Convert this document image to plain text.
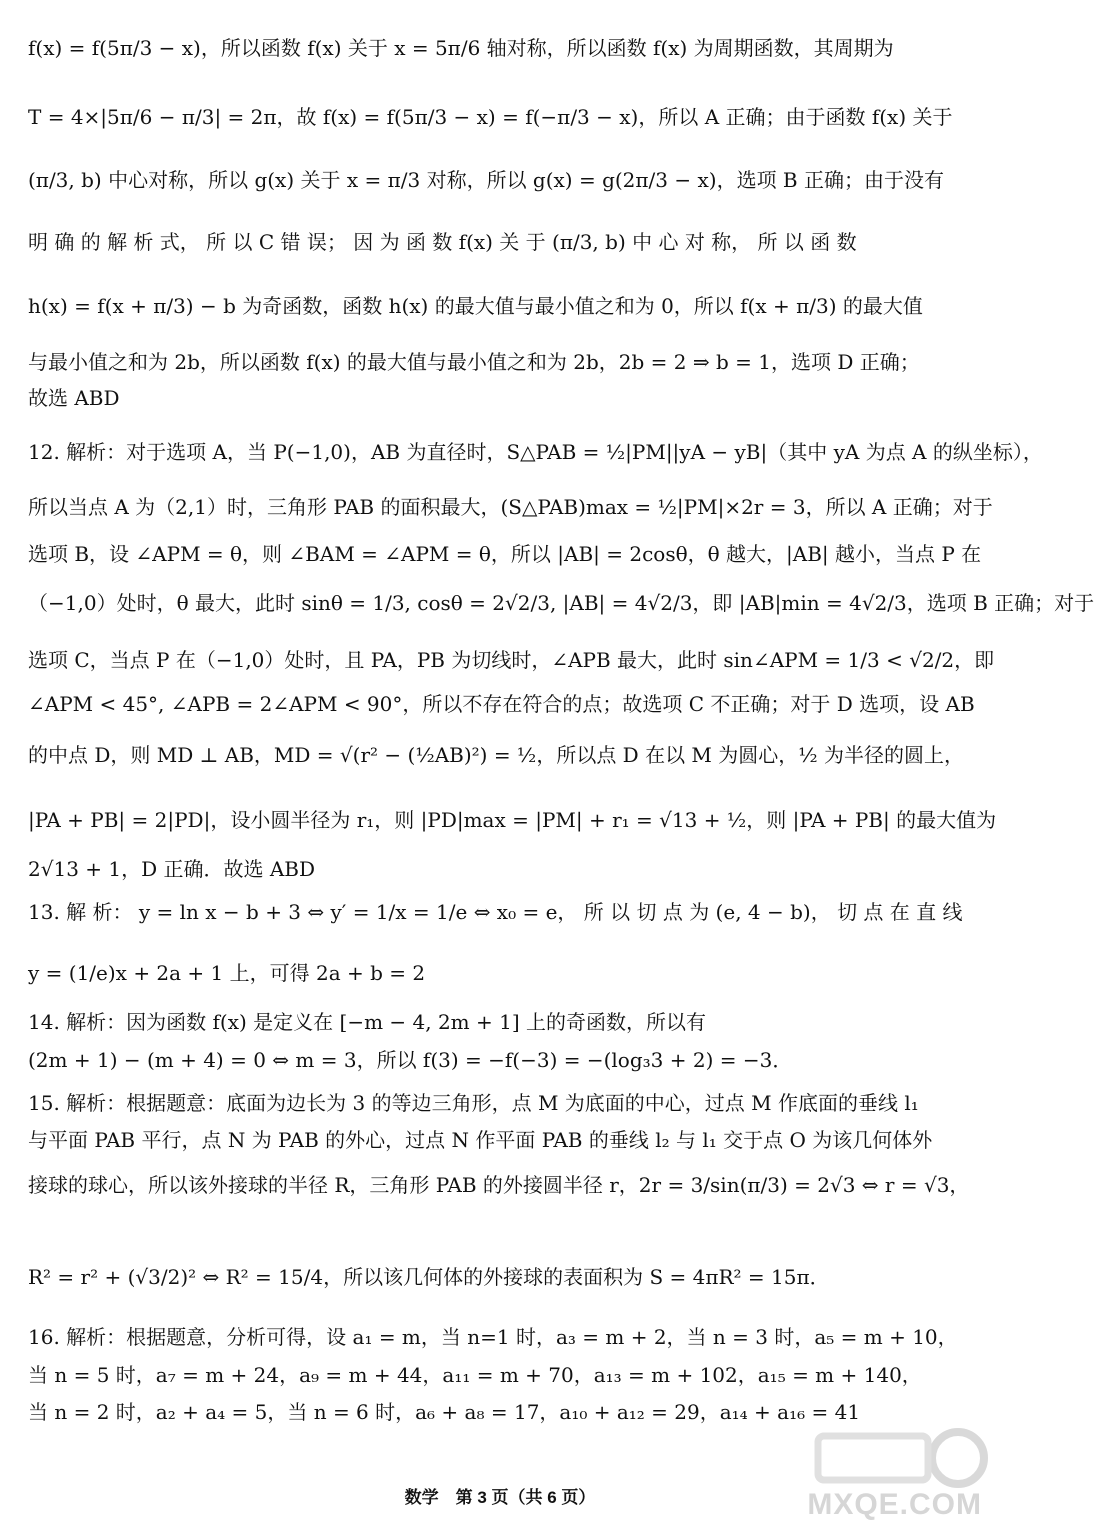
f(x) = f(5π/3 − x)，所以函数 f(x) 关于 x = 5π/6 轴对称，所以函数 f(x) 为周期函数，其周期为
T = 4×|5π/6 − π/3| = 2π，故 f(x) = f(5π/3 − x) = f(−π/3 − x)，所以 A 正确；由于函数 f(x) 关于
(π/3, b) 中心对称，所以 g(x) 关于 x = π/3 对称，所以 g(x) = g(2π/3 − x)，选项 B 正确；由于没有
明 确 的 解 析 式， 所 以 C 错 误； 因 为 函 数 f(x) 关 于 (π/3, b) 中 心 对 称， 所 以 函 数
h(x) = f(x + π/3) − b 为奇函数，函数 h(x) 的最大值与最小值之和为 0，所以 f(x + π/3) 的最大值
与最小值之和为 2b，所以函数 f(x) 的最大值与最小值之和为 2b，2b = 2 ⇒ b = 1，选项 D 正确；
故选 ABD
12. 解析：对于选项 A，当 P(−1,0)，AB 为直径时，S△PAB = ½|PM||yA − yB|（其中 yA 为点 A 的纵坐标），
所以当点 A 为（2,1）时，三角形 PAB 的面积最大，(S△PAB)max = ½|PM|×2r = 3，所以 A 正确；对于
选项 B，设 ∠APM = θ，则 ∠BAM = ∠APM = θ，所以 |AB| = 2cosθ，θ 越大，|AB| 越小，当点 P 在
（−1,0）处时，θ 最大，此时 sinθ = 1/3, cosθ = 2√2/3, |AB| = 4√2/3，即 |AB|min = 4√2/3，选项 B 正确；对于
选项 C，当点 P 在（−1,0）处时，且 PA，PB 为切线时，∠APB 最大，此时 sin∠APM = 1/3 < √2/2，即
∠APM < 45°, ∠APB = 2∠APM < 90°，所以不存在符合的点；故选项 C 不正确；对于 D 选项，设 AB
的中点 D，则 MD ⊥ AB，MD = √(r² − (½AB)²) = ½，所以点 D 在以 M 为圆心，½ 为半径的圆上，
|PA + PB| = 2|PD|，设小圆半径为 r₁，则 |PD|max = |PM| + r₁ = √13 + ½，则 |PA + PB| 的最大值为
2√13 + 1，D 正确．故选 ABD
13. 解 析： y = ln x − b + 3 ⇔ y′ = 1/x = 1/e ⇔ x₀ = e， 所 以 切 点 为 (e, 4 − b)， 切 点 在 直 线
y = (1/e)x + 2a + 1 上，可得 2a + b = 2
14. 解析：因为函数 f(x) 是定义在 [−m − 4, 2m + 1] 上的奇函数，所以有
(2m + 1) − (m + 4) = 0 ⇔ m = 3，所以 f(3) = −f(−3) = −(log₃3 + 2) = −3．
15. 解析：根据题意：底面为边长为 3 的等边三角形，点 M 为底面的中心，过点 M 作底面的垂线 l₁
与平面 PAB 平行，点 N 为 PAB 的外心，过点 N 作平面 PAB 的垂线 l₂ 与 l₁ 交于点 O 为该几何体外
接球的球心，所以该外接球的半径 R，三角形 PAB 的外接圆半径 r，2r = 3/sin(π/3) = 2√3 ⇔ r = √3，
R² = r² + (√3/2)² ⇔ R² = 15/4，所以该几何体的外接球的表面积为 S = 4πR² = 15π．
16. 解析：根据题意，分析可得，设 a₁ = m，当 n=1 时，a₃ = m + 2，当 n = 3 时，a₅ = m + 10，
当 n = 5 时，a₇ = m + 24，a₉ = m + 44，a₁₁ = m + 70，a₁₃ = m + 102，a₁₅ = m + 140，
当 n = 2 时，a₂ + a₄ = 5，当 n = 6 时，a₆ + a₈ = 17，a₁₀ + a₁₂ = 29，a₁₄ + a₁₆ = 41
MXQE.COM
数学　第 3 页（共 6 页）
